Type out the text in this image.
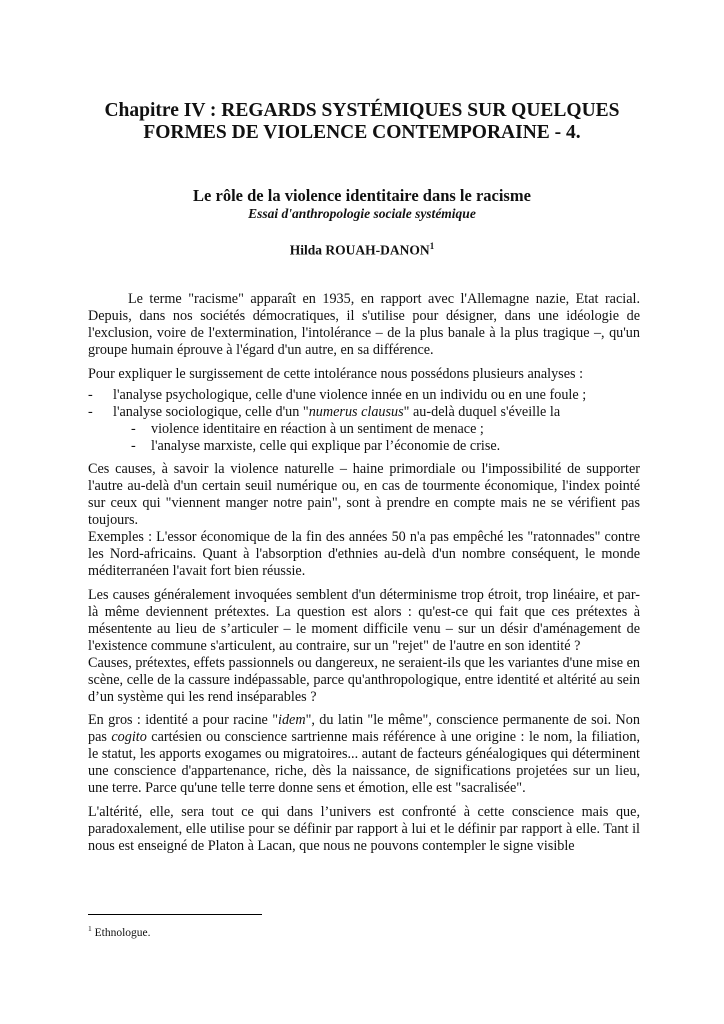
Chapitre IV : REGARDS SYSTÉMIQUES SUR QUELQUES
FORMES DE VIOLENCE CONTEMPORAINE - 4.
Le rôle de la violence identitaire dans le racisme
Essai d'anthropologie sociale systémique
Hilda ROUAH-DANON$^1$

Le terme "racisme" apparaît en 1935, en rapport avec l'Allemagne nazie, Etat racial. Depuis, dans nos sociétés démocratiques, il s'utilise pour désigner, dans une idéologie de l'exclusion, voire de l'extermination, l'intolérance – de la plus banale à la plus tragique –, qu'un groupe humain éprouve à l'égard d'un autre, en sa différence.

Pour expliquer le surgissement de cette intolérance nous possédons plusieurs analyses :

- l'analyse psychologique, celle d'une violence innée en un individu ou en une foule ;
- l'analyse sociologique, celle d'un "numerus clausus" au-delà duquel s'éveille la
- violence identitaire en réaction à un sentiment de menace ;
- l'analyse marxiste, celle qui explique par l’économie de crise.

Ces causes, à savoir la violence naturelle – haine primordiale ou l'impossibilité de supporter l'autre au-delà d'un certain seuil numérique ou, en cas de tourmente économique, l'index pointé sur ceux qui "viennent manger notre pain", sont à prendre en compte mais ne se vérifient pas toujours.

Exemples : L'essor économique de la fin des années 50 n'a pas empêché les "ratonnades" contre les Nord-africains. Quant à l'absorption d'ethnies au-delà d'un nombre conséquent, le monde méditerranéen l'avait fort bien réussie.

Les causes généralement invoquées semblent d'un déterminisme trop étroit, trop linéaire, et par-là même deviennent prétextes. La question est alors : qu'est-ce qui fait que ces prétextes à mésentente au lieu de s’articuler – le moment difficile venu – sur un désir d'aménagement de l'existence commune s'articulent, au contraire, sur un "rejet" de l'autre en son identité ?

Causes, prétextes, effets passionnels ou dangereux, ne seraient-ils que les variantes d'une mise en scène, celle de la cassure indépassable, parce qu'anthropologique, entre identité et altérité au sein d’un système qui les rend inséparables ?

En gros : identité a pour racine "idem", du latin "le même", conscience permanente de soi. Non pas cogito cartésien ou conscience sartrienne mais référence à une origine : le nom, la filiation, le statut, les apports exogames ou migratoires... autant de facteurs généalogiques qui déterminent une conscience d'appartenance, riche, dès la naissance, de significations projetées sur un lieu, une terre. Parce qu'une telle terre donne sens et émotion, elle est "sacralisée".

L'altérité, elle, sera tout ce qui dans l’univers est confronté à cette conscience mais que, paradoxalement, elle utilise pour se définir par rapport à lui et le définir par rapport à elle. Tant il nous est enseigné de Platon à Lacan, que nous ne pouvons contempler le signe visible

$^1$ Ethnologue.
